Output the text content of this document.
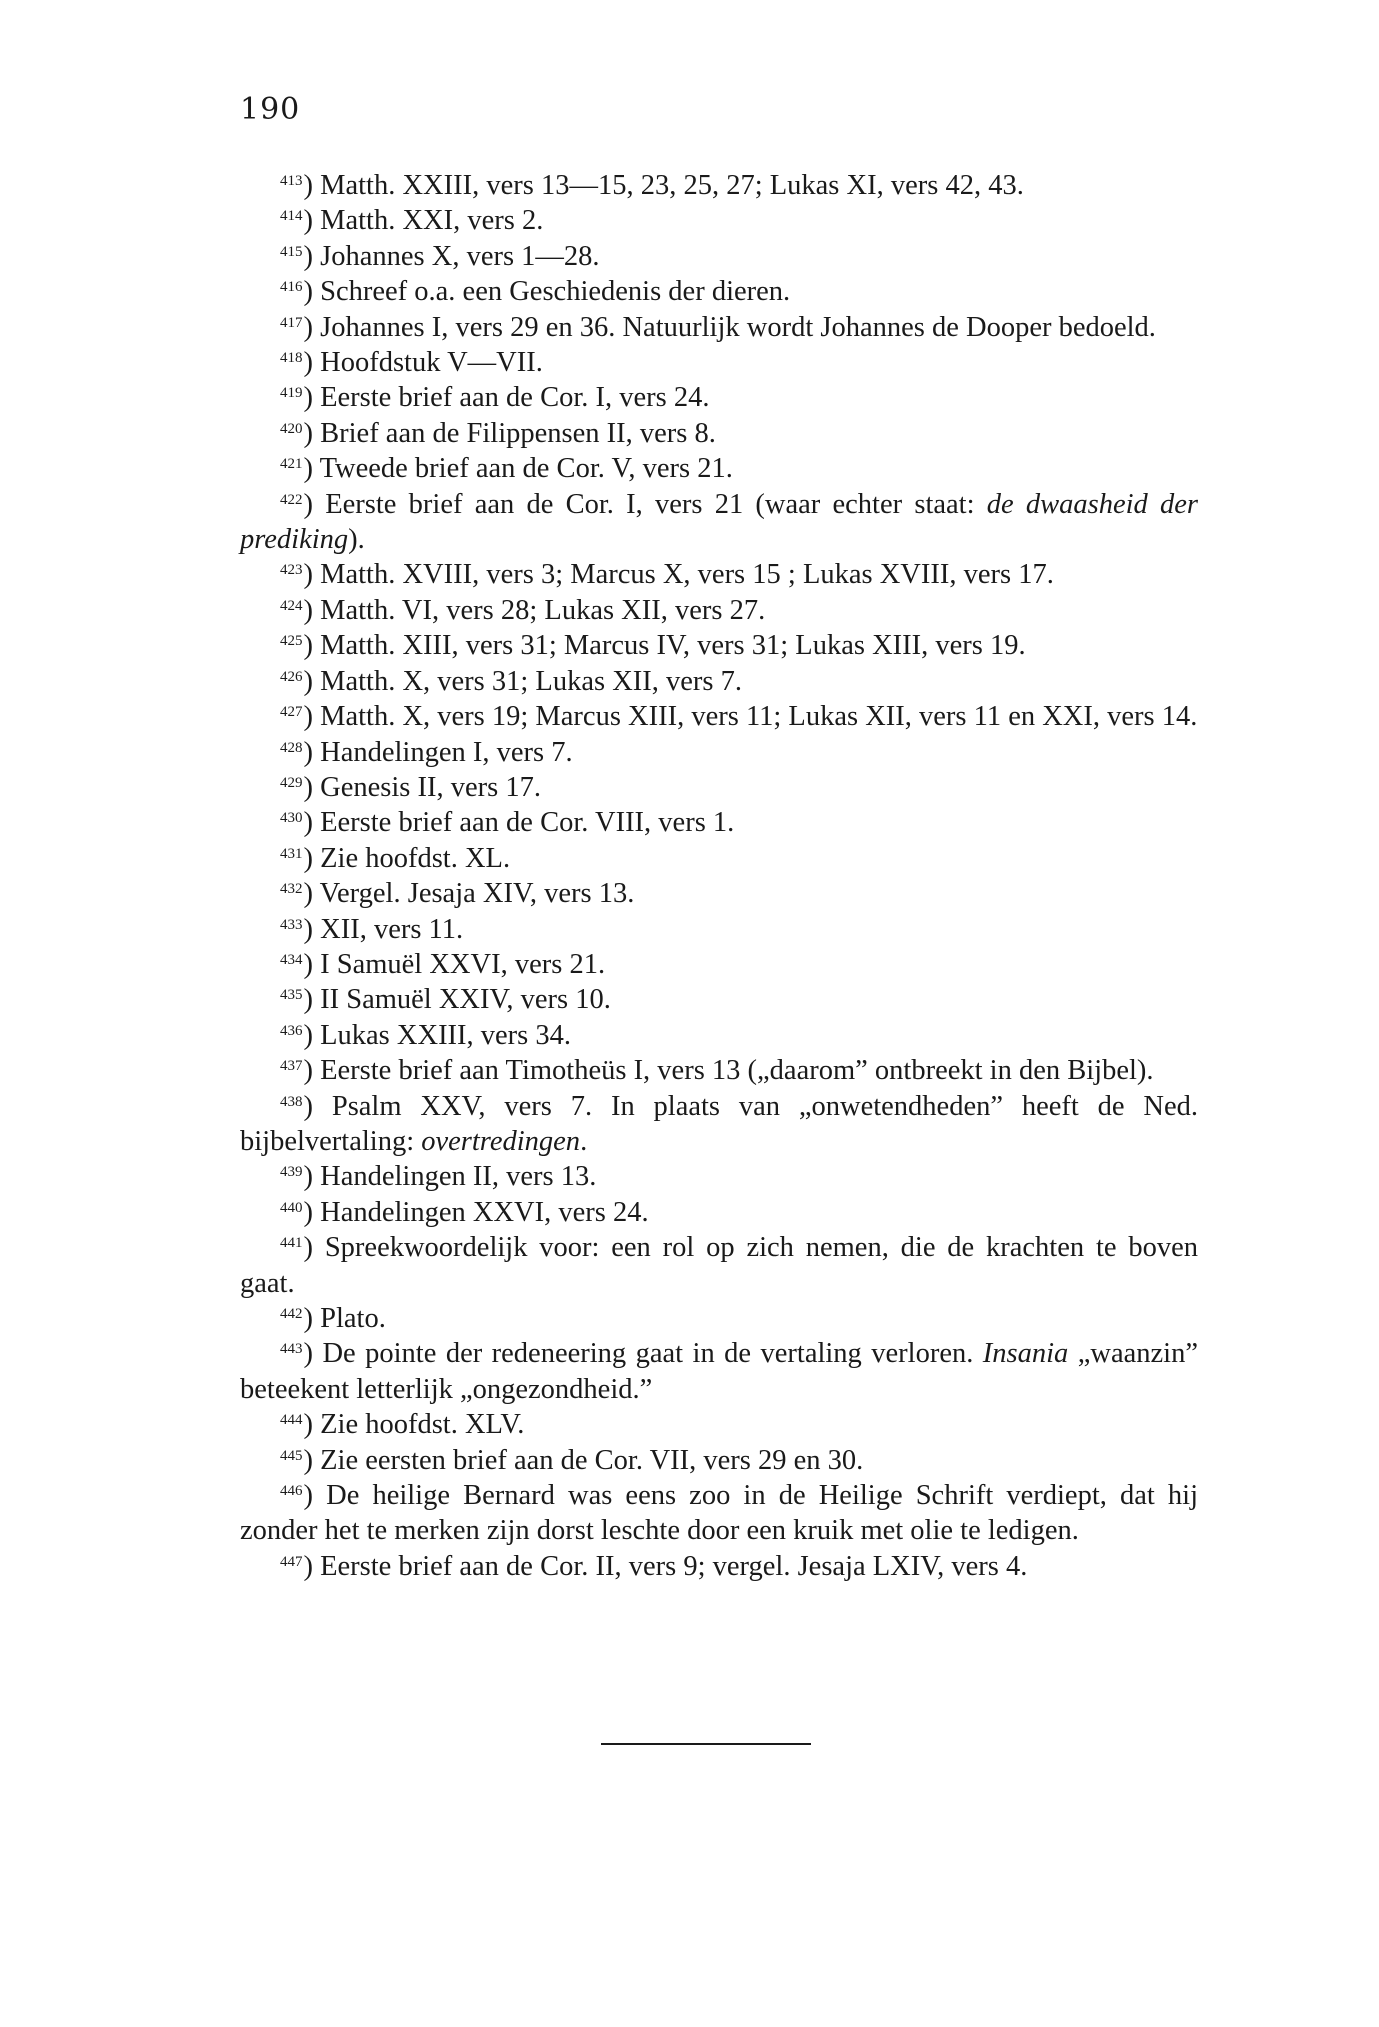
190

$^{413}$) Matth. XXIII, vers 13—15, 23, 25, 27; Lukas XI, vers 42, 43.

$^{414}$) Matth. XXI, vers 2.

$^{415}$) Johannes X, vers 1—28.

$^{416}$) Schreef o.a. een Geschiedenis der dieren.

$^{417}$) Johannes I, vers 29 en 36. Natuurlijk wordt Johannes de Dooper bedoeld.

$^{418}$) Hoofdstuk V—VII.

$^{419}$) Eerste brief aan de Cor. I, vers 24.

$^{420}$) Brief aan de Filippensen II, vers 8.

$^{421}$) Tweede brief aan de Cor. V, vers 21.

$^{422}$) Eerste brief aan de Cor. I, vers 21 (waar echter staat: de dwaasheid der prediking).

$^{423}$) Matth. XVIII, vers 3; Marcus X, vers 15 ; Lukas XVIII, vers 17.

$^{424}$) Matth. VI, vers 28; Lukas XII, vers 27.

$^{425}$) Matth. XIII, vers 31; Marcus IV, vers 31; Lukas XIII, vers 19.

$^{426}$) Matth. X, vers 31; Lukas XII, vers 7.

$^{427}$) Matth. X, vers 19; Marcus XIII, vers 11; Lukas XII, vers 11 en XXI, vers 14.

$^{428}$) Handelingen I, vers 7.

$^{429}$) Genesis II, vers 17.

$^{430}$) Eerste brief aan de Cor. VIII, vers 1.

$^{431}$) Zie hoofdst. XL.

$^{432}$) Vergel. Jesaja XIV, vers 13.

$^{433}$) XII, vers 11.

$^{434}$) I Samuël XXVI, vers 21.

$^{435}$) II Samuël XXIV, vers 10.

$^{436}$) Lukas XXIII, vers 34.

$^{437}$) Eerste brief aan Timotheüs I, vers 13 („daarom” ontbreekt in den Bijbel).

$^{438}$) Psalm XXV, vers 7. In plaats van „onwetendheden” heeft de Ned. bijbelvertaling: overtredingen.

$^{439}$) Handelingen II, vers 13.

$^{440}$) Handelingen XXVI, vers 24.

$^{441}$) Spreekwoordelijk voor: een rol op zich nemen, die de krachten te boven gaat.

$^{442}$) Plato.

$^{443}$) De pointe der redeneering gaat in de vertaling verloren. Insania „waanzin” beteekent letterlijk „ongezondheid.”

$^{444}$) Zie hoofdst. XLV.

$^{445}$) Zie eersten brief aan de Cor. VII, vers 29 en 30.

$^{446}$) De heilige Bernard was eens zoo in de Heilige Schrift verdiept, dat hij zonder het te merken zijn dorst leschte door een kruik met olie te ledigen.

$^{447}$) Eerste brief aan de Cor. II, vers 9; vergel. Jesaja LXIV, vers 4.
